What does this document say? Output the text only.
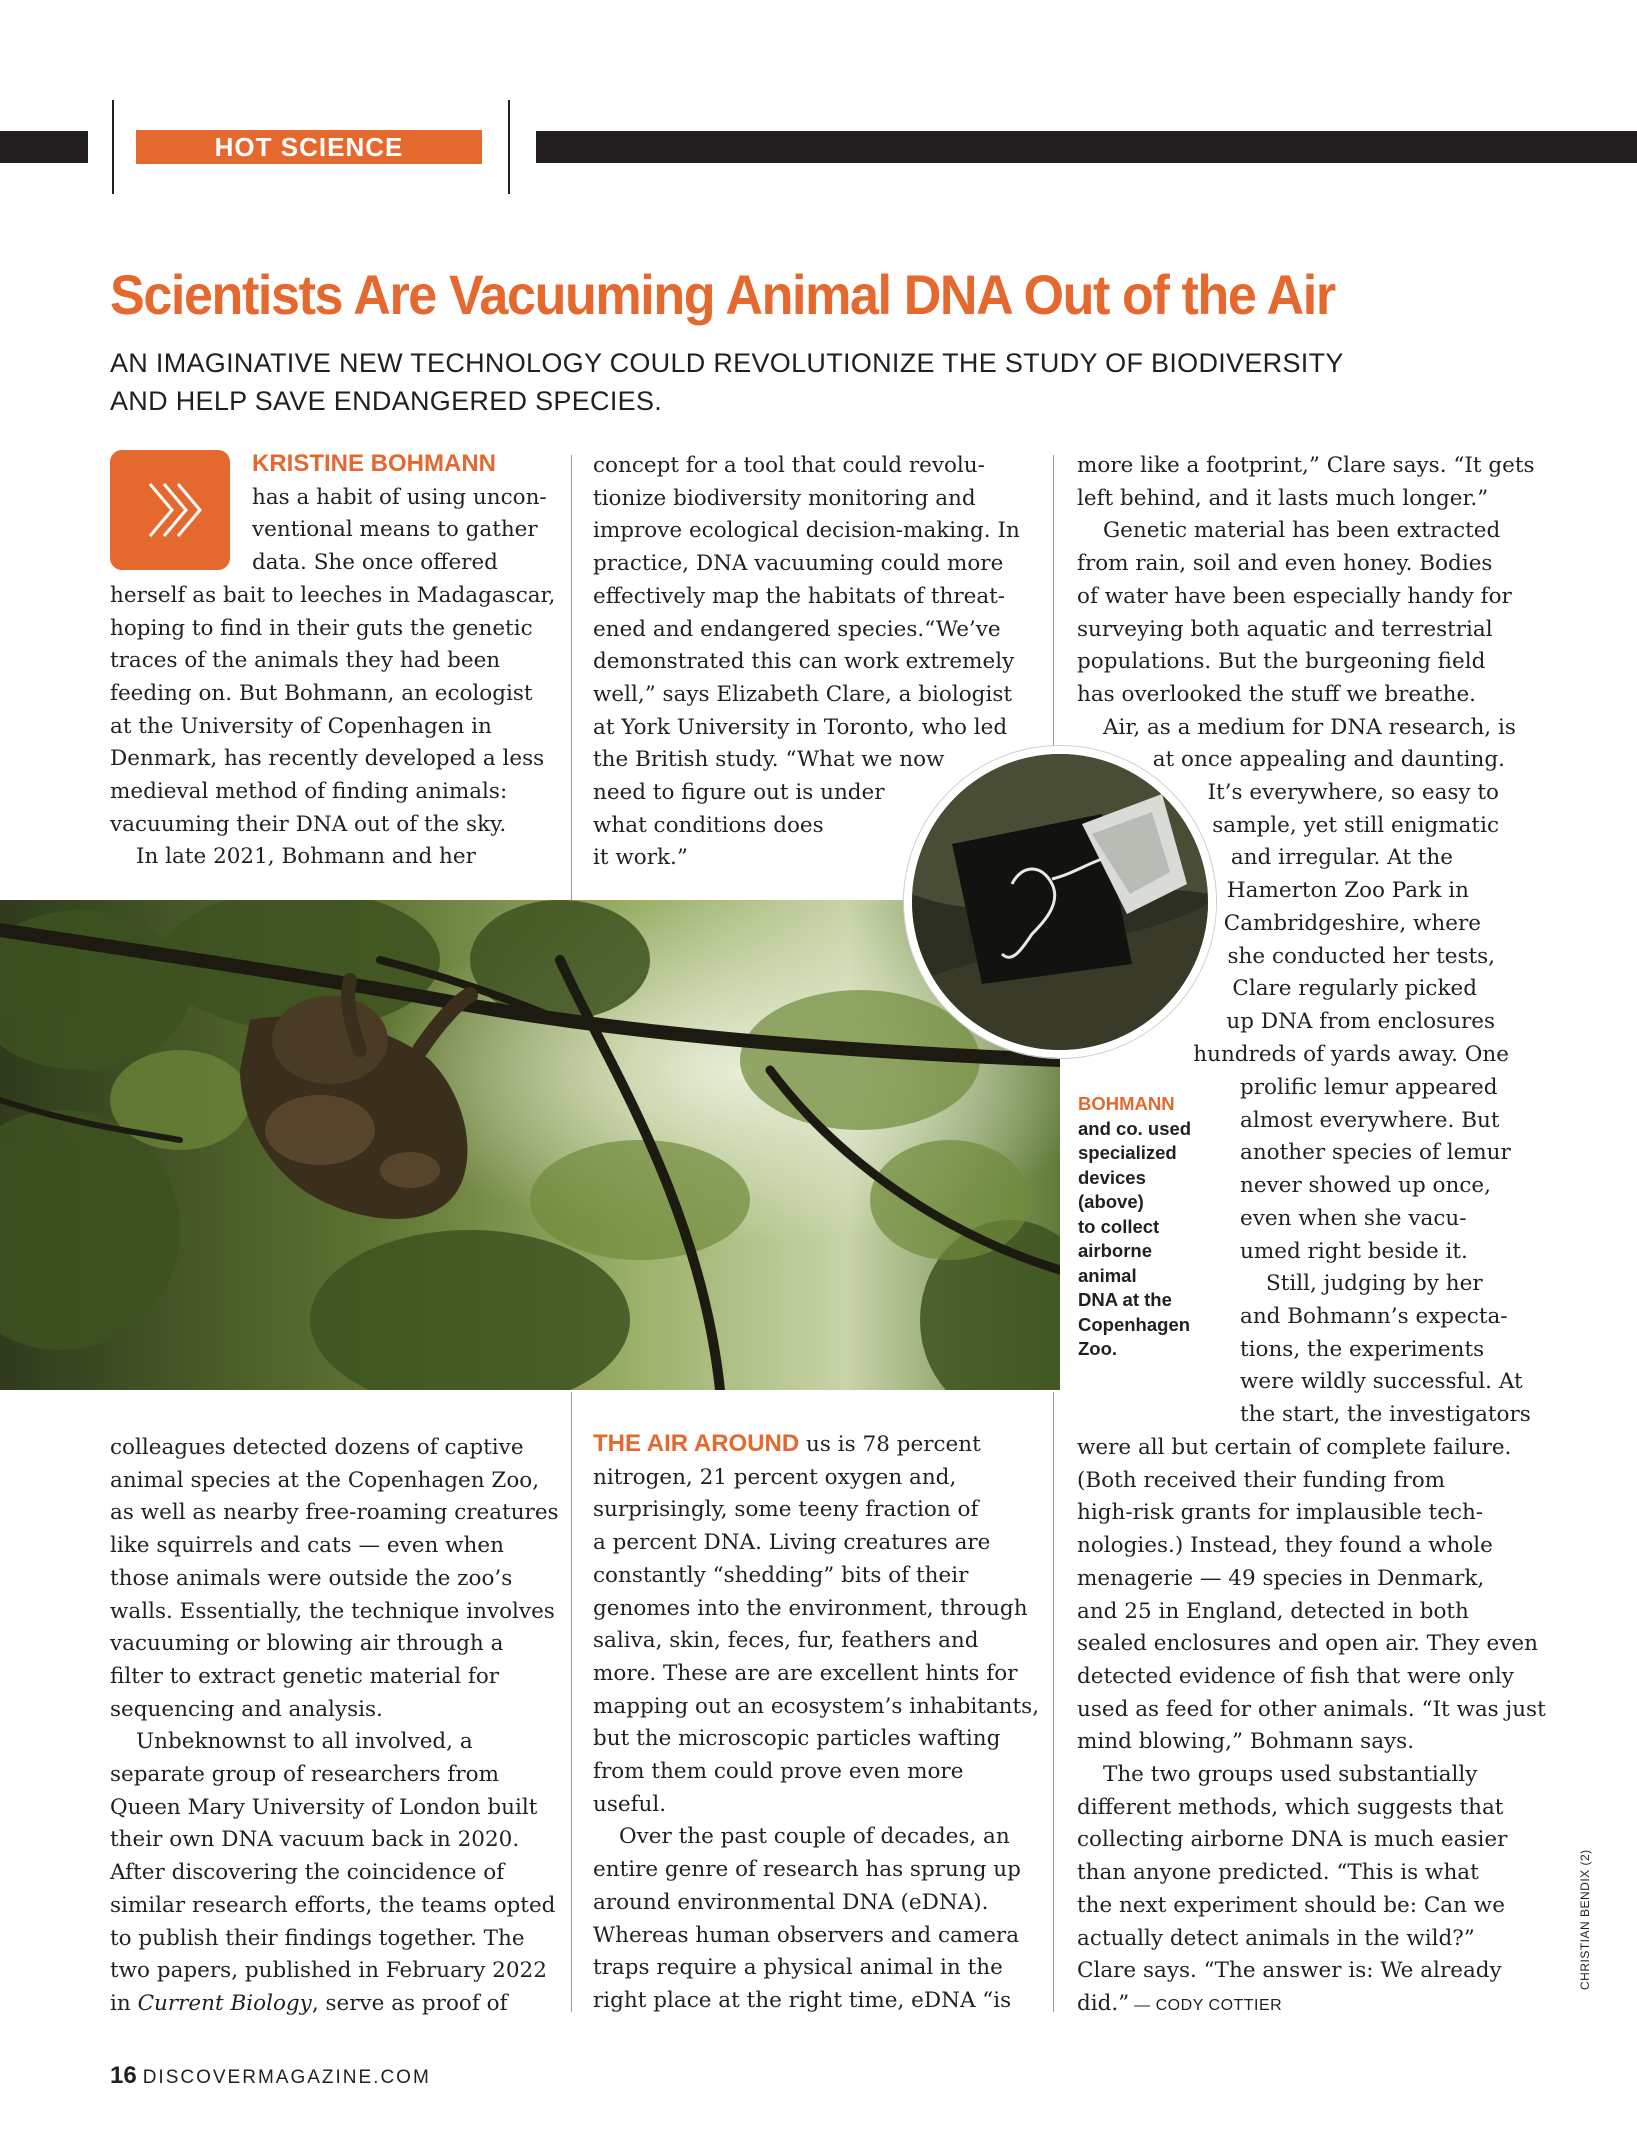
HOT SCIENCE
Scientists Are Vacuuming Animal DNA Out of the Air
AN IMAGINATIVE NEW TECHNOLOGY COULD REVOLUTIONIZE THE STUDY OF BIODIVERSITY
AND HELP SAVE ENDANGERED SPECIES.

KRISTINE BOHMANN

has a habit of using uncon-

ventional means to gather

data. She once offered

herself as bait to leeches in Madagascar,

hoping to find in their guts the genetic

traces of the animals they had been

feeding on. But Bohmann, an ecologist

at the University of Copenhagen in

Denmark, has recently developed a less

medieval method of finding animals:

vacuuming their DNA out of the sky.

In late 2021, Bohmann and her

concept for a tool that could revolu-

tionize biodiversity monitoring and

improve ecological decision-making. In

practice, DNA vacuuming could more

effectively map the habitats of threat-

ened and endangered species.“We’ve

demonstrated this can work extremely

well,” says Elizabeth Clare, a biologist

at York University in Toronto, who led

the British study. “What we now

need to figure out is under

what conditions does

it work.”

more like a footprint,” Clare says. “It gets

left behind, and it lasts much longer.”

Genetic material has been extracted

from rain, soil and even honey. Bodies

of water have been especially handy for

surveying both aquatic and terrestrial

populations. But the burgeoning field

has overlooked the stuff we breathe.

Air, as a medium for DNA research, is

at once appealing and daunting.

It’s everywhere, so easy to

sample, yet still enigmatic

and irregular. At the

Hamerton Zoo Park in

Cambridgeshire, where

she conducted her tests,

Clare regularly picked

up DNA from enclosures

hundreds of yards away. One

prolific lemur appeared

almost everywhere. But

another species of lemur

never showed up once,

even when she vacu-

umed right beside it.

Still, judging by her

and Bohmann’s expecta-

tions, the experiments

were wildly successful. At

the start, the investigators

were all but certain of complete failure.

(Both received their funding from

high-risk grants for implausible tech-

nologies.) Instead, they found a whole

menagerie — 49 species in Denmark,

and 25 in England, detected in both

sealed enclosures and open air. They even

detected evidence of fish that were only

used as feed for other animals. “It was just

mind blowing,” Bohmann says.

The two groups used substantially

different methods, which suggests that

collecting airborne DNA is much easier

than anyone predicted. “This is what

the next experiment should be: Can we

actually detect animals in the wild?”

Clare says. “The answer is: We already

did.” — CODY COTTIER

colleagues detected dozens of captive

animal species at the Copenhagen Zoo,

as well as nearby free-roaming creatures

like squirrels and cats — even when

those animals were outside the zoo’s

walls. Essentially, the technique involves

vacuuming or blowing air through a

filter to extract genetic material for

sequencing and analysis.

Unbeknownst to all involved, a

separate group of researchers from

Queen Mary University of London built

their own DNA vacuum back in 2020.

After discovering the coincidence of

similar research efforts, the teams opted

to publish their findings together. The

two papers, published in February 2022

in Current Biology, serve as proof of

THE AIR AROUND us is 78 percent

nitrogen, 21 percent oxygen and,

surprisingly, some teeny fraction of

a percent DNA. Living creatures are

constantly “shedding” bits of their

genomes into the environment, through

saliva, skin, feces, fur, feathers and

more. These are are excellent hints for

mapping out an ecosystem’s inhabitants,

but the microscopic particles wafting

from them could prove even more

useful.

Over the past couple of decades, an

entire genre of research has sprung up

around environmental DNA (eDNA).

Whereas human observers and camera

traps require a physical animal in the

right place at the right time, eDNA “is

BOHMANN
and co. used
specialized
devices
(above)
to collect
airborne
animal
DNA at the
Copenhagen
Zoo.
16 DISCOVERMAGAZINE.COM
CHRISTIAN BENDIX (2)
